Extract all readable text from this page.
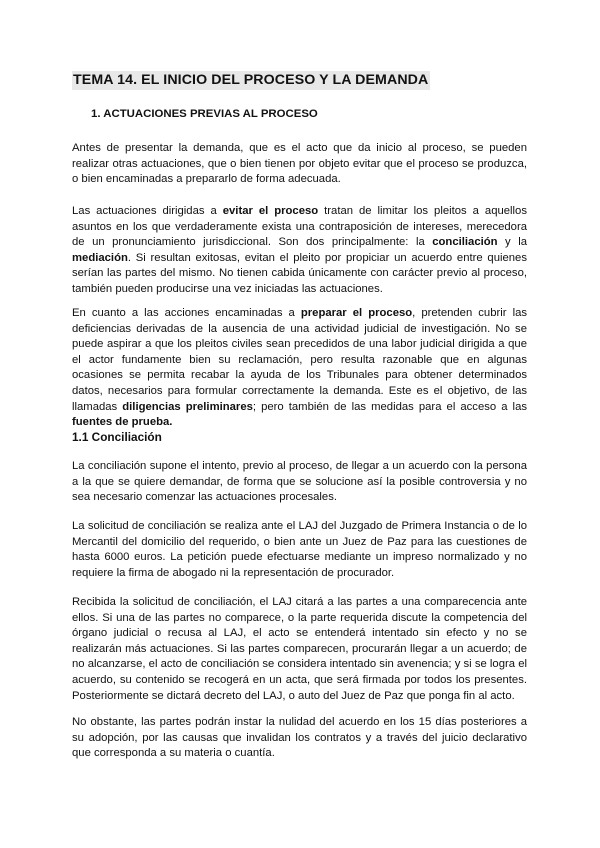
TEMA 14. EL INICIO DEL PROCESO Y LA DEMANDA
1. ACTUACIONES PREVIAS AL PROCESO

Antes de presentar la demanda, que es el acto que da inicio al proceso, se pueden realizar otras actuaciones, que o bien tienen por objeto evitar que el proceso se produzca, o bien encaminadas a prepararlo de forma adecuada.

Las actuaciones dirigidas a evitar el proceso tratan de limitar los pleitos a aquellos asuntos en los que verdaderamente exista una contraposición de intereses, merecedora de un pronunciamiento jurisdiccional. Son dos principalmente: la conciliación y la mediación. Si resultan exitosas, evitan el pleito por propiciar un acuerdo entre quienes serían las partes del mismo. No tienen cabida únicamente con carácter previo al proceso, también pueden producirse una vez iniciadas las actuaciones.

En cuanto a las acciones encaminadas a preparar el proceso, pretenden cubrir las deficiencias derivadas de la ausencia de una actividad judicial de investigación. No se puede aspirar a que los pleitos civiles sean precedidos de una labor judicial dirigida a que el actor fundamente bien su reclamación, pero resulta razonable que en algunas ocasiones se permita recabar la ayuda de los Tribunales para obtener determinados datos, necesarios para formular correctamente la demanda. Este es el objetivo, de las llamadas diligencias preliminares; pero también de las medidas para el acceso a las fuentes de prueba.

1.1 Conciliación

La conciliación supone el intento, previo al proceso, de llegar a un acuerdo con la persona a la que se quiere demandar, de forma que se solucione así la posible controversia y no sea necesario comenzar las actuaciones procesales.

La solicitud de conciliación se realiza ante el LAJ del Juzgado de Primera Instancia o de lo Mercantil del domicilio del requerido, o bien ante un Juez de Paz para las cuestiones de hasta 6000 euros. La petición puede efectuarse mediante un impreso normalizado y no requiere la firma de abogado ni la representación de procurador.

Recibida la solicitud de conciliación, el LAJ citará a las partes a una comparecencia ante ellos. Si una de las partes no comparece, o la parte requerida discute la competencia del órgano judicial o recusa al LAJ, el acto se entenderá intentado sin efecto y no se realizarán más actuaciones. Si las partes comparecen, procurarán llegar a un acuerdo; de no alcanzarse, el acto de conciliación se considera intentado sin avenencia; y si se logra el acuerdo, su contenido se recogerá en un acta, que será firmada por todos los presentes. Posteriormente se dictará decreto del LAJ, o auto del Juez de Paz que ponga fin al acto.

No obstante, las partes podrán instar la nulidad del acuerdo en los 15 días posteriores a su adopción, por las causas que invalidan los contratos y a través del juicio declarativo que corresponda a su materia o cuantía.
